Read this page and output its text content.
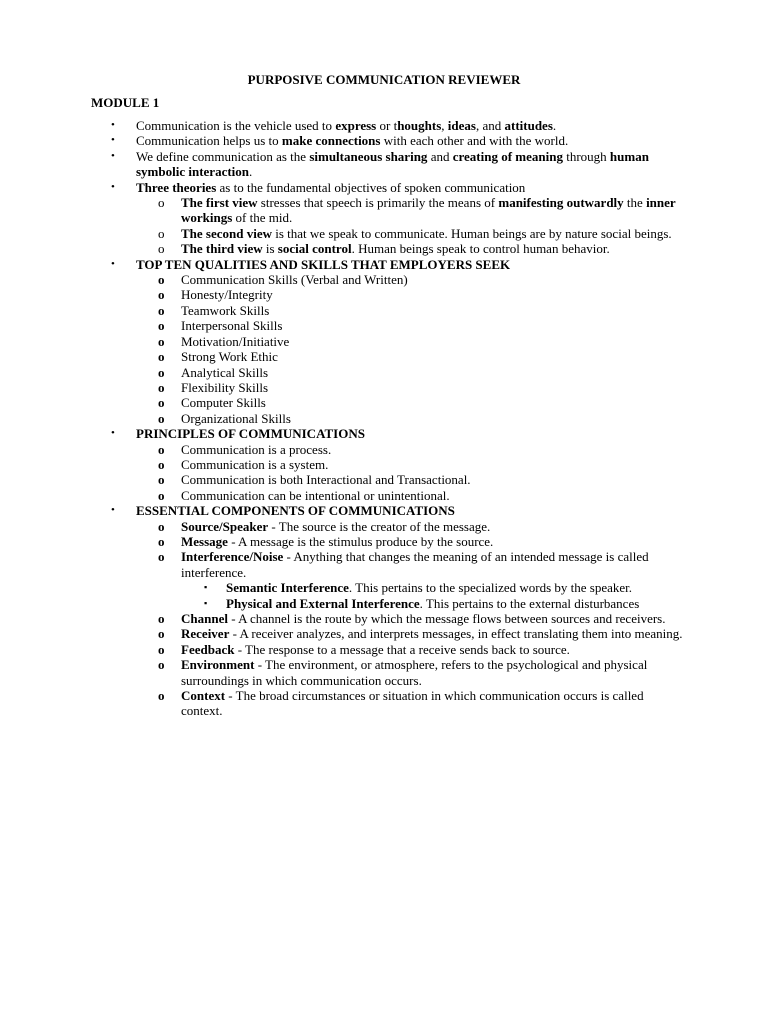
PURPOSIVE COMMUNICATION REVIEWER
MODULE 1
• Communication is the vehicle used to express or thoughts, ideas, and attitudes.
• Communication helps us to make connections with each other and with the world.
• We define communication as the simultaneous sharing and creating of meaning through human symbolic interaction.
• Three theories as to the fundamental objectives of spoken communication
o The first view stresses that speech is primarily the means of manifesting outwardly the inner workings of the mid.
o The second view is that we speak to communicate. Human beings are by nature social beings.
o The third view is social control. Human beings speak to control human behavior.
• TOP TEN QUALITIES AND SKILLS THAT EMPLOYERS SEEK
o Communication Skills (Verbal and Written)
o Honesty/Integrity
o Teamwork Skills
o Interpersonal Skills
o Motivation/Initiative
o Strong Work Ethic
o Analytical Skills
o Flexibility Skills
o Computer Skills
o Organizational Skills
• PRINCIPLES OF COMMUNICATIONS
o Communication is a process.
o Communication is a system.
o Communication is both Interactional and Transactional.
o Communication can be intentional or unintentional.
• ESSENTIAL COMPONENTS OF COMMUNICATIONS
o Source/Speaker - The source is the creator of the message.
o Message - A message is the stimulus produce by the source.
o Interference/Noise - Anything that changes the meaning of an intended message is called interference.
▪ Semantic Interference. This pertains to the specialized words by the speaker.
▪ Physical and External Interference. This pertains to the external disturbances
o Channel - A channel is the route by which the message flows between sources and receivers.
o Receiver - A receiver analyzes, and interprets messages, in effect translating them into meaning.
o Feedback - The response to a message that a receive sends back to source.
o Environment - The environment, or atmosphere, refers to the psychological and physical surroundings in which communication occurs.
o Context - The broad circumstances or situation in which communication occurs is called context.
